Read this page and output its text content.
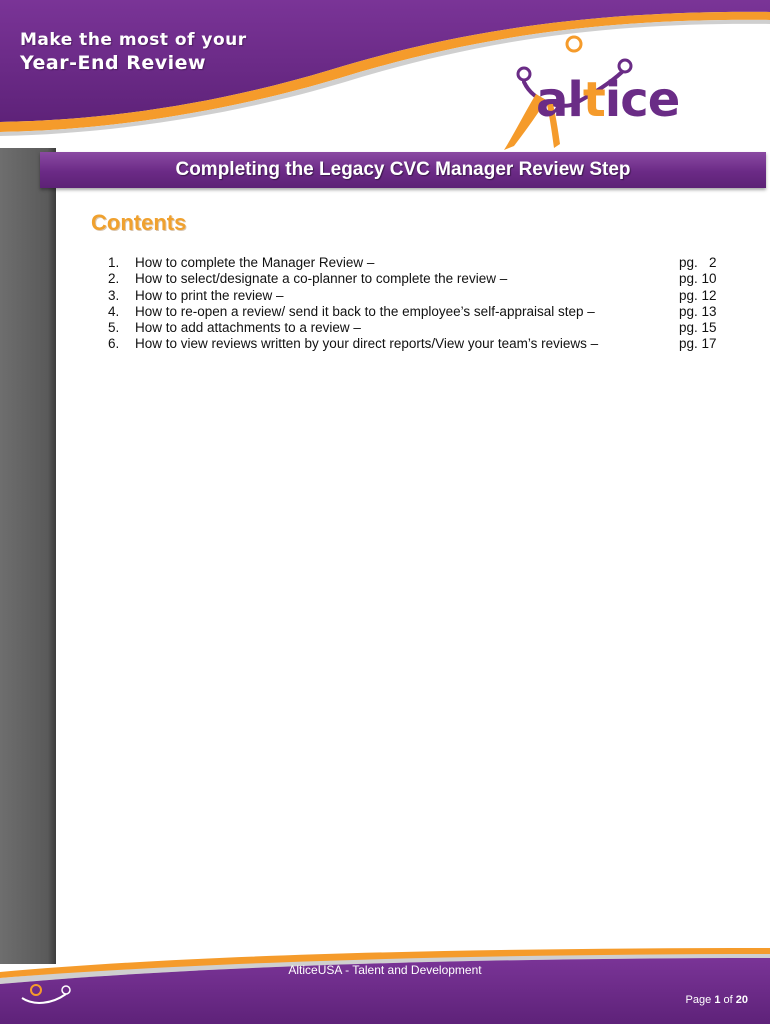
Make the most of your

Year-End Review

altice

Completing the Legacy CVC Manager Review Step
Contents
1.	How to complete the Manager Review –	pg.   2
2.	How to select/designate a co-planner to complete the review –	pg. 10
3.	How to print the review –	pg. 12
4.	How to re-open a review/ send it back to the employee’s self-appraisal step –	pg. 13
5.	How to add attachments to a review –	pg. 15
6.	How to view reviews written by your direct reports/View your team’s reviews –	pg. 17

AlticeUSA - Talent and Development

Page 1 of 20
